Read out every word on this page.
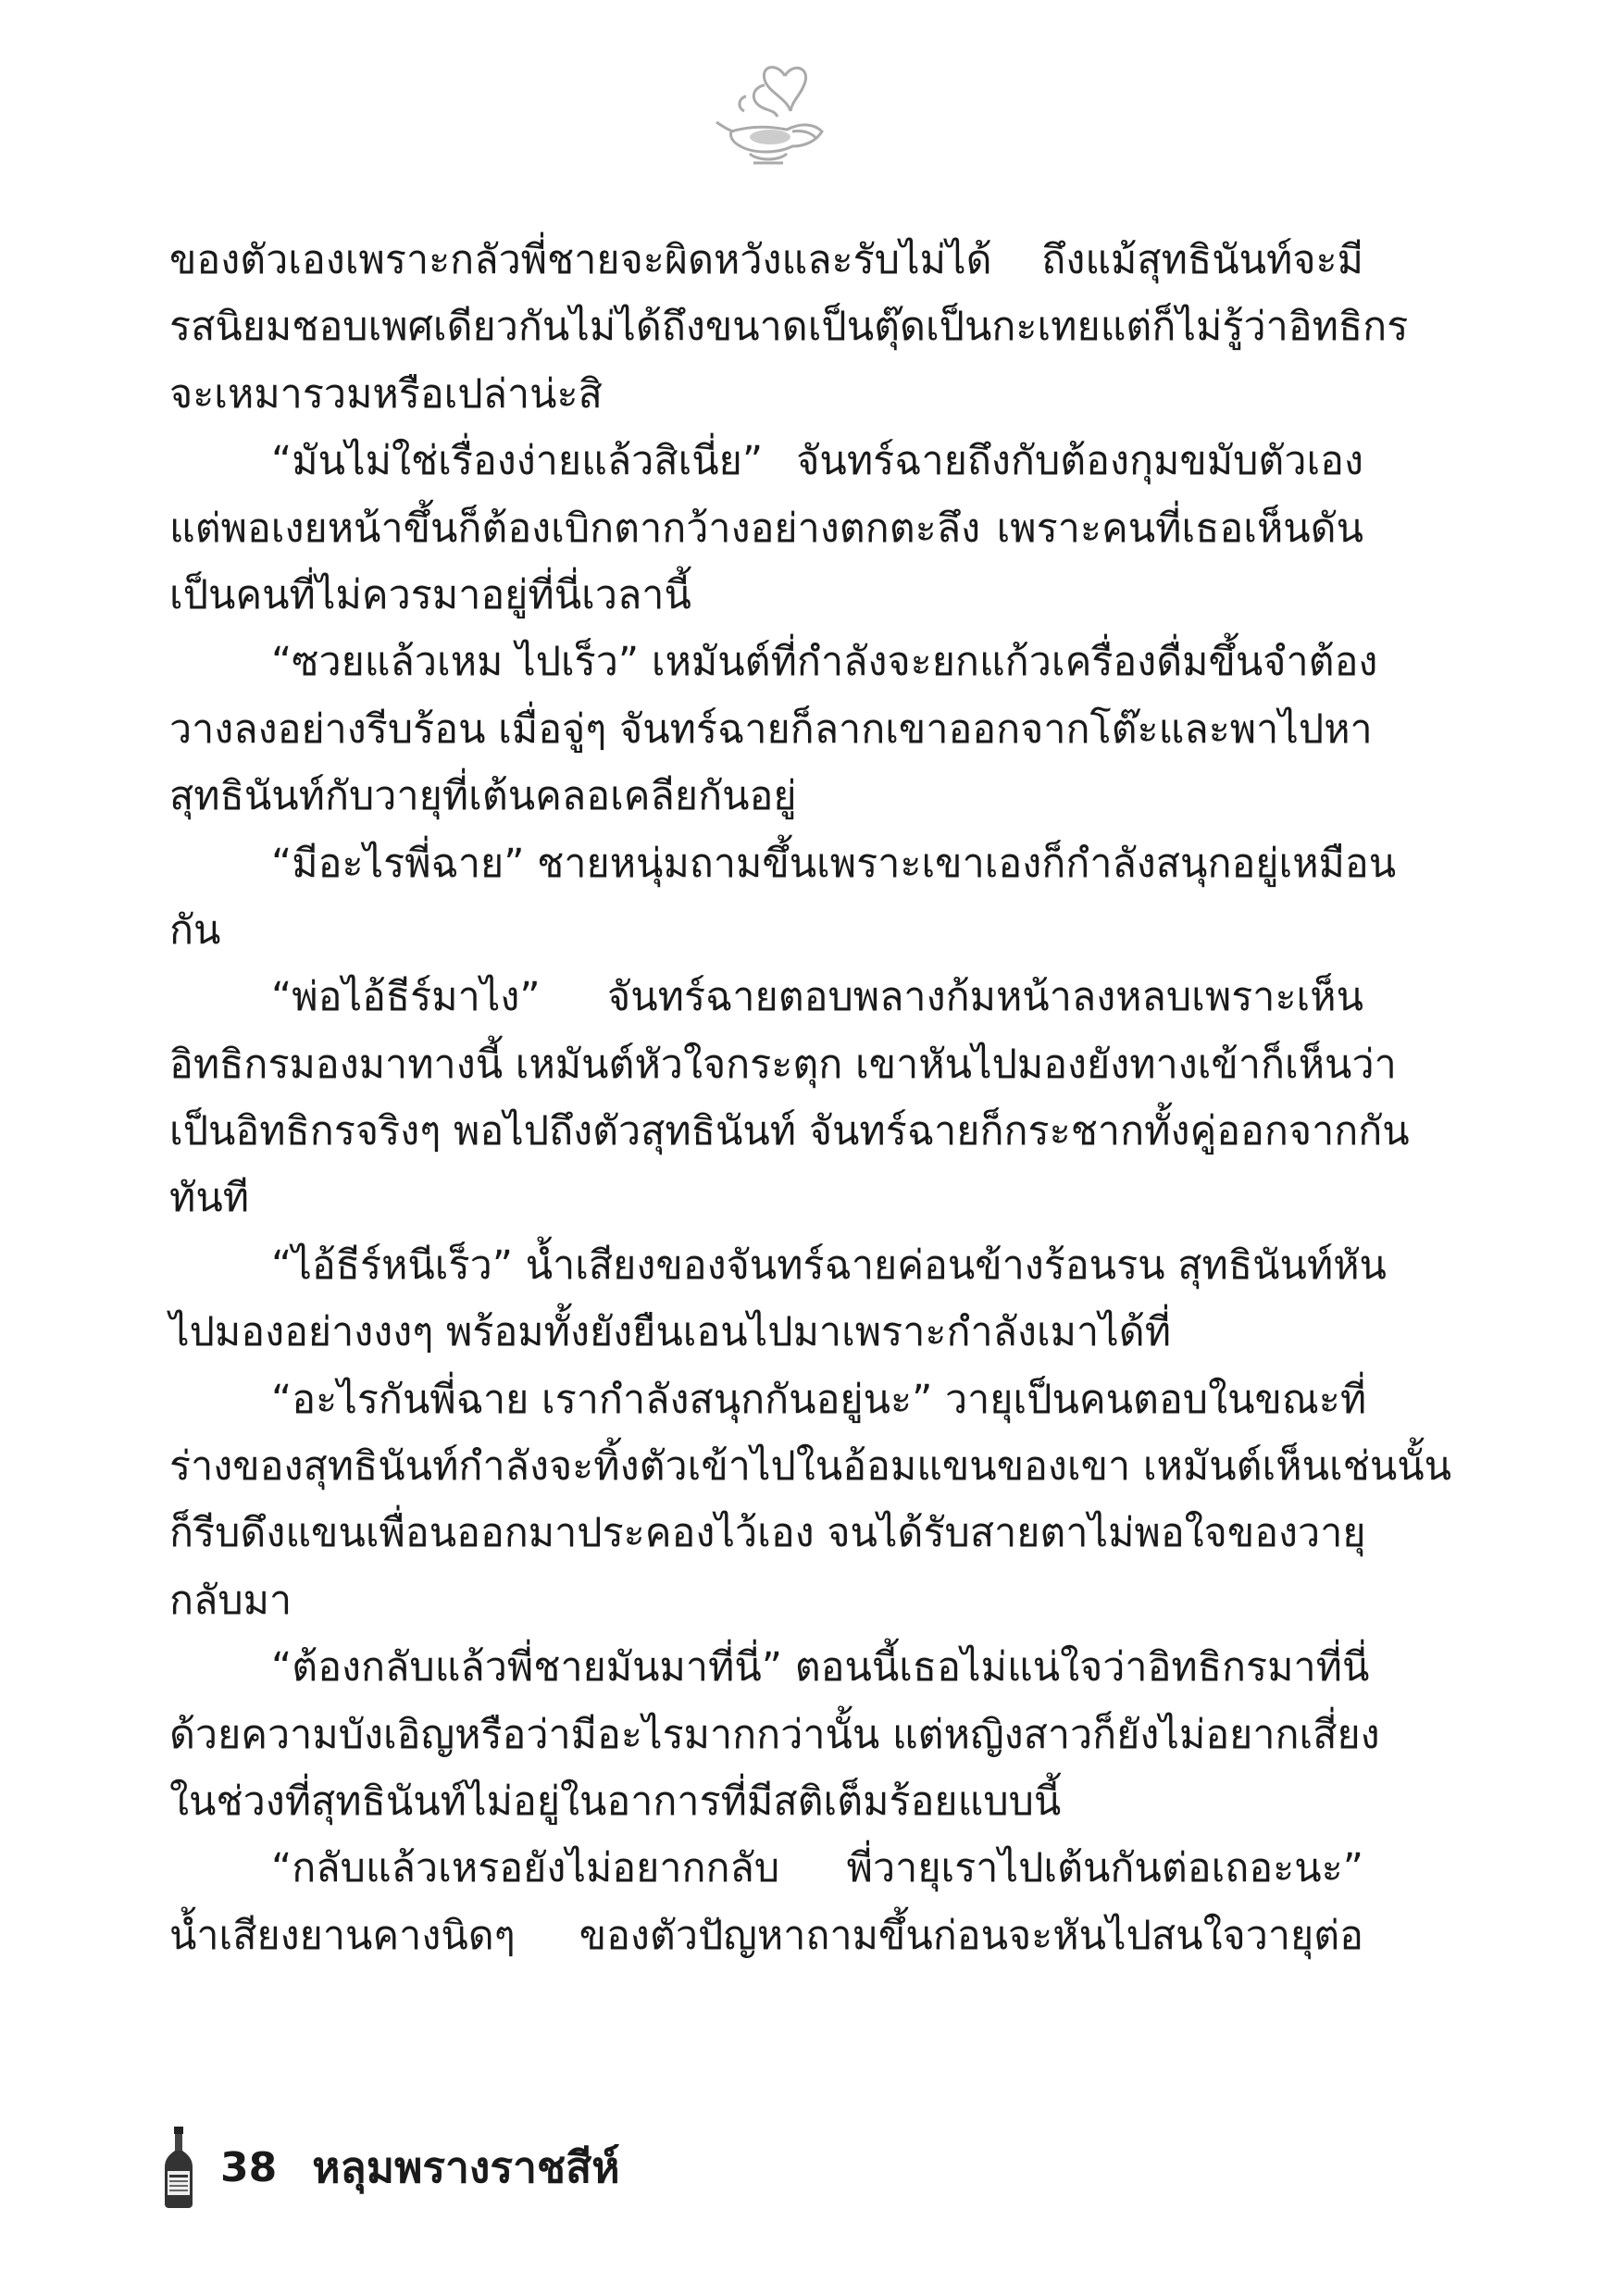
ของตัวเองเพราะกลัวพี่ชายจะผิดหวังและรับไม่ได้ ถึงแม้สุทธินันท์จะมี
รสนิยมชอบเพศเดียวกันไม่ได้ถึงขนาดเป็นตุ๊ดเป็นกะเทยแต่ก็ไม่รู้ว่าอิทธิกร
จะเหมารวมหรือเปล่าน่ะสิ
“มันไม่ใช่เรื่องง่ายแล้วสิเนี่ย” จันทร์ฉายถึงกับต้องกุมขมับตัวเอง
แต่พอเงยหน้าขึ้นก็ต้องเบิกตากว้างอย่างตกตะลึง เพราะคนที่เธอเห็นดัน
เป็นคนที่ไม่ควรมาอยู่ที่นี่เวลานี้
“ซวยแล้วเหม ไปเร็ว” เหมันต์ที่กำลังจะยกแก้วเครื่องดื่มขึ้นจำต้อง
วางลงอย่างรีบร้อน เมื่อจู่ๆ จันทร์ฉายก็ลากเขาออกจากโต๊ะและพาไปหา
สุทธินันท์กับวายุที่เต้นคลอเคลียกันอยู่
“มีอะไรพี่ฉาย” ชายหนุ่มถามขึ้นเพราะเขาเองก็กำลังสนุกอยู่เหมือน
กัน
“พ่อไอ้ธีร์มาไง” จันทร์ฉายตอบพลางก้มหน้าลงหลบเพราะเห็น
อิทธิกรมองมาทางนี้ เหมันต์หัวใจกระตุก เขาหันไปมองยังทางเข้าก็เห็นว่า
เป็นอิทธิกรจริงๆ พอไปถึงตัวสุทธินันท์ จันทร์ฉายก็กระชากทั้งคู่ออกจากกัน
ทันที
“ไอ้ธีร์หนีเร็ว” น้ำเสียงของจันทร์ฉายค่อนข้างร้อนรน สุทธินันท์หัน
ไปมองอย่างงงๆ พร้อมทั้งยังยืนเอนไปมาเพราะกำลังเมาได้ที่
“อะไรกันพี่ฉาย เรากำลังสนุกกันอยู่นะ” วายุเป็นคนตอบในขณะที่
ร่างของสุทธินันท์กำลังจะทิ้งตัวเข้าไปในอ้อมแขนของเขา เหมันต์เห็นเช่นนั้น
ก็รีบดึงแขนเพื่อนออกมาประคองไว้เอง จนได้รับสายตาไม่พอใจของวายุ
กลับมา
“ต้องกลับแล้วพี่ชายมันมาที่นี่” ตอนนี้เธอไม่แน่ใจว่าอิทธิกรมาที่นี่
ด้วยความบังเอิญหรือว่ามีอะไรมากกว่านั้น แต่หญิงสาวก็ยังไม่อยากเสี่ยง
ในช่วงที่สุทธินันท์ไม่อยู่ในอาการที่มีสติเต็มร้อยแบบนี้
“กลับแล้วเหรอยังไม่อยากกลับ พี่วายุเราไปเต้นกันต่อเถอะนะ”
น้ำเสียงยานคางนิดๆ ของตัวปัญหาถามขึ้นก่อนจะหันไปสนใจวายุต่อ
38 หลุมพรางราชสีห์
